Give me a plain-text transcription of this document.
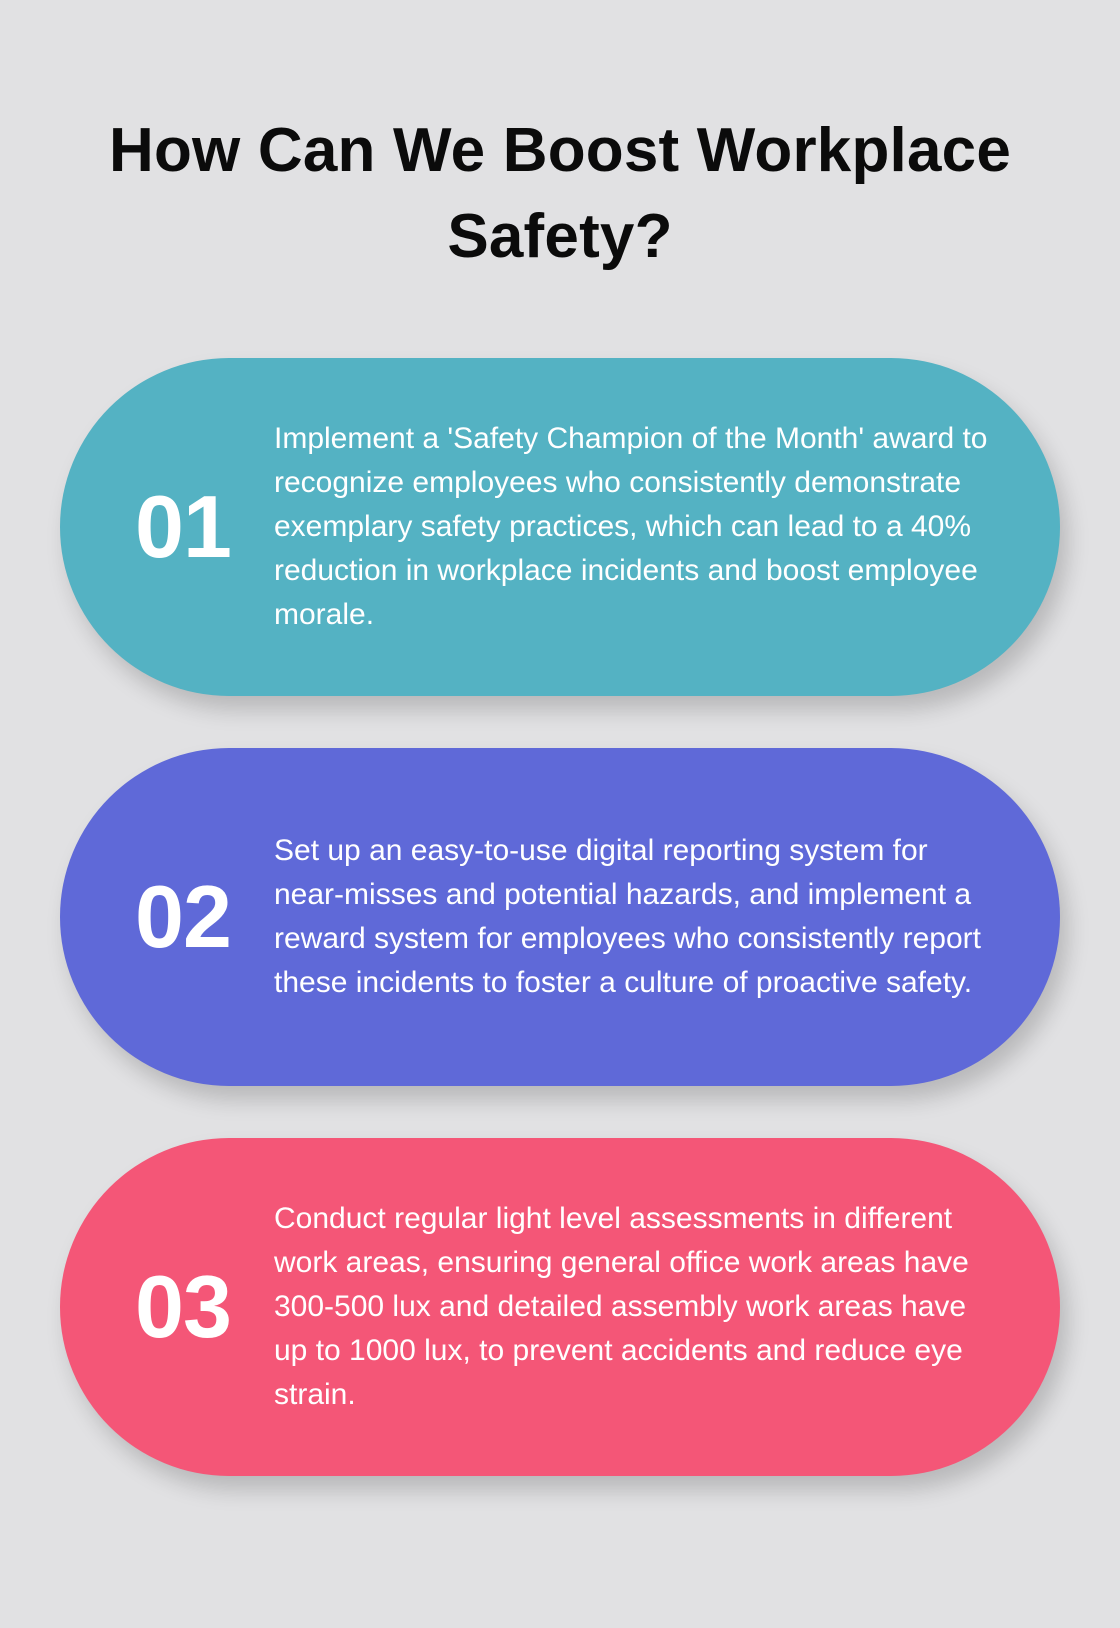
How Can We Boost Workplace Safety?
01

Implement a 'Safety Champion of the Month' award to recognize employees who consistently demonstrate exemplary safety practices, which can lead to a 40% reduction in workplace incidents and boost employee morale.

02

Set up an easy-to-use digital reporting system for near-misses and potential hazards, and implement a reward system for employees who consistently report these incidents to foster a culture of proactive safety.

03

Conduct regular light level assessments in different work areas, ensuring general office work areas have 300-500 lux and detailed assembly work areas have up to 1000 lux, to prevent accidents and reduce eye strain.
